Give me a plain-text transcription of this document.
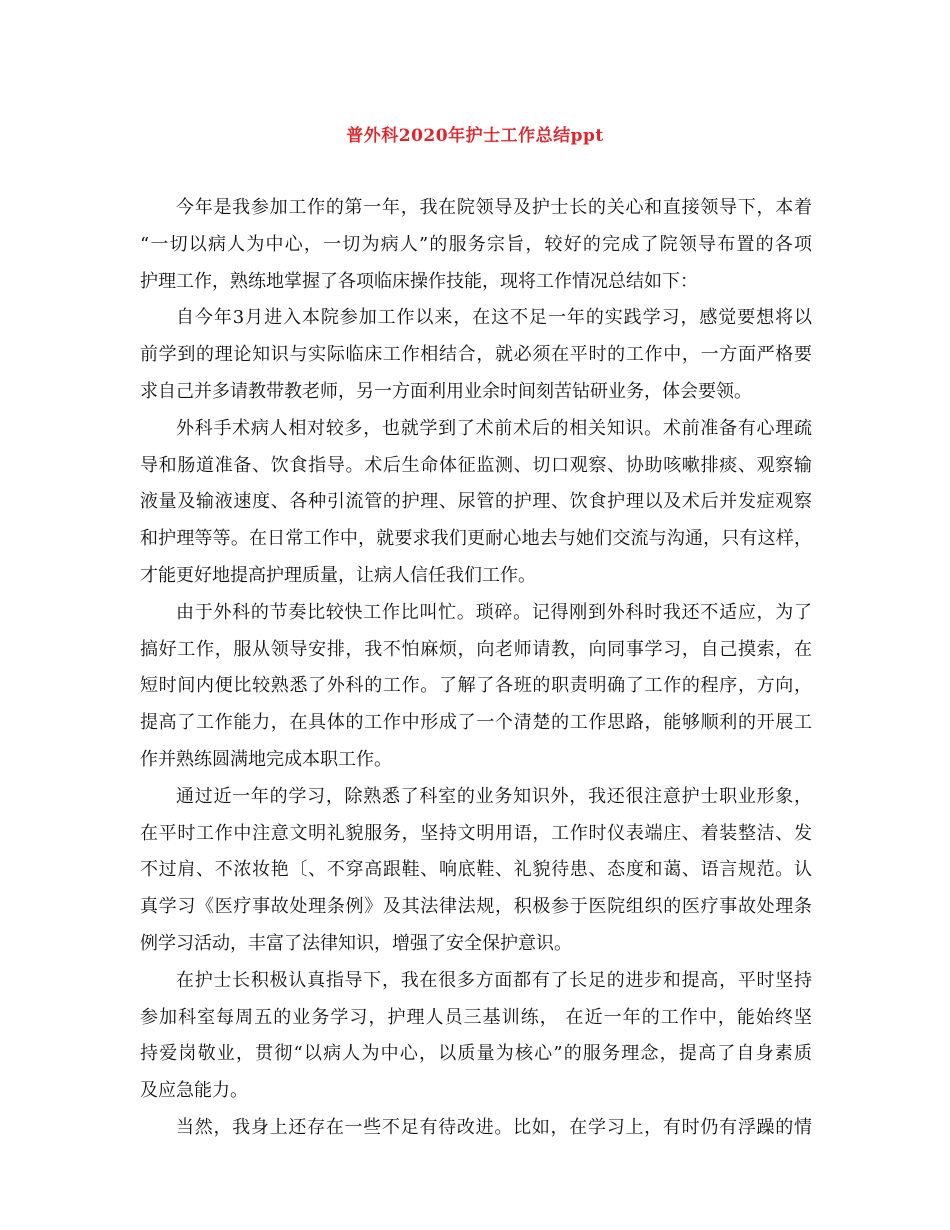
普外科2020年护士工作总结ppt
今年是我参加工作的第一年，我在院领导及护士长的关心和直接领导下，本着
“一切以病人为中心，一切为病人”的服务宗旨，较好的完成了院领导布置的各项
护理工作，熟练地掌握了各项临床操作技能，现将工作情况总结如下：
自今年3月进入本院参加工作以来，在这不足一年的实践学习，感觉要想将以
前学到的理论知识与实际临床工作相结合，就必须在平时的工作中，一方面严格要
求自己并多请教带教老师，另一方面利用业余时间刻苦钻研业务，体会要领。
外科手术病人相对较多，也就学到了术前术后的相关知识。术前准备有心理疏
导和肠道准备、饮食指导。术后生命体征监测、切口观察、协助咳嗽排痰、观察输
液量及输液速度、各种引流管的护理、尿管的护理、饮食护理以及术后并发症观察
和护理等等。在日常工作中，就要求我们更耐心地去与她们交流与沟通，只有这样，
才能更好地提高护理质量，让病人信任我们工作。
由于外科的节奏比较快工作比叫忙。琐碎。记得刚到外科时我还不适应，为了
搞好工作，服从领导安排，我不怕麻烦，向老师请教，向同事学习，自己摸索，在
短时间内便比较熟悉了外科的工作。了解了各班的职责明确了工作的程序，方向，
提高了工作能力，在具体的工作中形成了一个清楚的工作思路，能够顺利的开展工
作并熟练圆满地完成本职工作。
通过近一年的学习，除熟悉了科室的业务知识外，我还很注意护士职业形象，
在平时工作中注意文明礼貌服务，坚持文明用语，工作时仪表端庄、着装整洁、发
不过肩、不浓妆艳〔、不穿高跟鞋、响底鞋、礼貌待患、态度和蔼、语言规范。认
真学习《医疗事故处理条例》及其法律法规，积极参于医院组织的医疗事故处理条
例学习活动，丰富了法律知识，增强了安全保护意识。
在护士长积极认真指导下，我在很多方面都有了长足的进步和提高，平时坚持
参加科室每周五的业务学习，护理人员三基训练， 在近一年的工作中，能始终坚
持爱岗敬业，贯彻“以病人为中心，以质量为核心”的服务理念，提高了自身素质
及应急能力。
当然，我身上还存在一些不足有待改进。比如，在学习上，有时仍有浮躁的情
